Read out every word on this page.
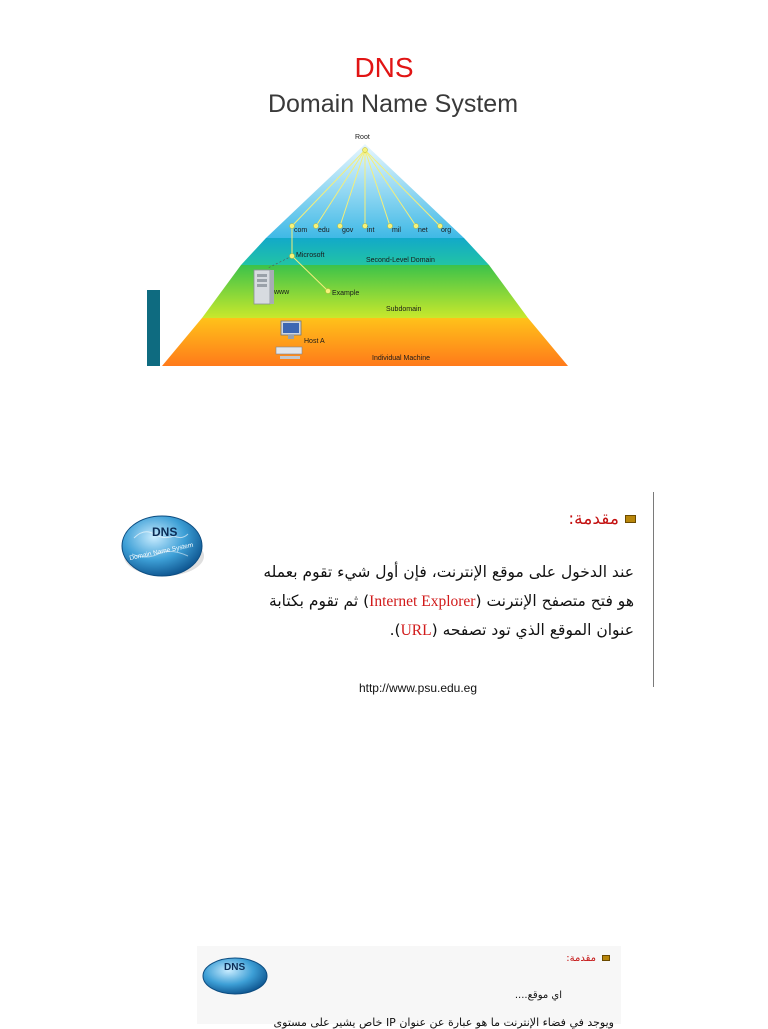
DNS
Domain Name System
Root
com edu gov int	mil net org
Microsoft
Second-Level Domain
www	Example
Subdomain
Host A
Individual Machine
DNS
Domain Name System
مقدمة:
عند الدخول على موقع الإنترنت، فإن أول شيء تقوم بعمله
هو فتح متصفح الإنترنت (Internet Explorer) ثم تقوم بكتابة
عنوان الموقع الذي تود تصفحه (URL).
http://www.psu.edu.eg
DNS
مقدمة:
اي موقع....
ويوجد في فضاء الإنترنت ما هو عبارة عن عنوان IP خاص يشير على مستوى
